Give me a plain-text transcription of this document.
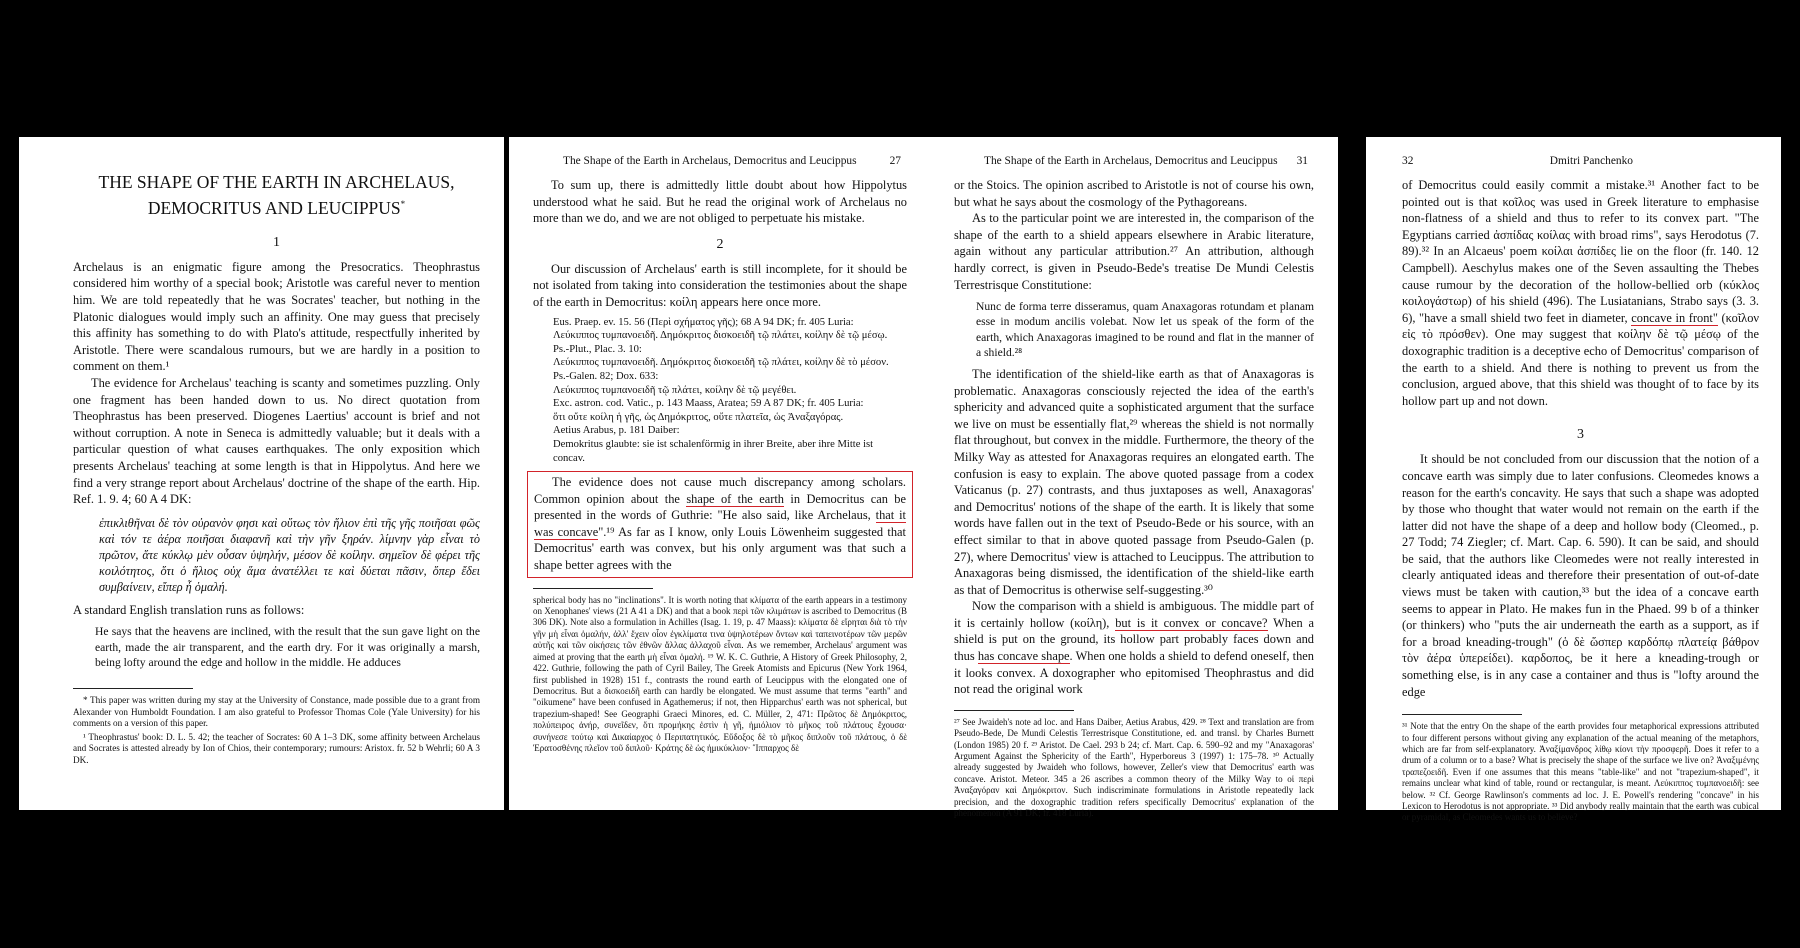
THE SHAPE OF THE EARTH IN ARCHELAUS, DEMOCRITUS AND LEUCIPPUS*
1

Archelaus is an enigmatic figure among the Presocratics. Theophrastus considered him worthy of a special book; Aristotle was careful never to mention him. We are told repeatedly that he was Socrates' teacher, but nothing in the Platonic dialogues would imply such an affinity. One may guess that precisely this affinity has something to do with Plato's attitude, respectfully inherited by Aristotle. There were scandalous rumours, but we are hardly in a position to comment on them.¹

The evidence for Archelaus' teaching is scanty and sometimes puzzling. Only one fragment has been handed down to us. No direct quotation from Theophrastus has been preserved. Diogenes Laertius' account is brief and not without corruption. A note in Seneca is admittedly valuable; but it deals with a particular question of what causes earthquakes. The only exposition which presents Archelaus' teaching at some length is that in Hippolytus. And here we find a very strange report about Archelaus' doctrine of the shape of the earth. Hip. Ref. 1. 9. 4; 60 A 4 DK:

ἐπικλιθῆναι δὲ τὸν οὐρανὸν φησι καὶ οὕτως τὸν ἥλιον ἐπὶ τῆς γῆς ποιῆσαι φῶς καὶ τόν τε ἀέρα ποιῆσαι διαφανῆ καὶ τὴν γῆν ξηράν. λίμνην γὰρ εἶναι τὸ πρῶτον, ἅτε κύκλῳ μὲν οὖσαν ὑψηλήν, μέσον δὲ κοίλην. σημεῖον δὲ φέρει τῆς κοιλότητος, ὅτι ὁ ἥλιος οὐχ ἅμα ἀνατέλλει τε καὶ δύεται πᾶσιν, ὅπερ ἔδει συμβαίνειν, εἴπερ ἦ ὁμαλή.

A standard English translation runs as follows:

He says that the heavens are inclined, with the result that the sun gave light on the earth, made the air transparent, and the earth dry. For it was originally a marsh, being lofty around the edge and hollow in the middle. He adduces
* This paper was written during my stay at the University of Constance, made possible due to a grant from Alexander von Humboldt Foundation. I am also grateful to Professor Thomas Cole (Yale University) for his comments on a version of this paper.
¹ Theophrastus' book: D. L. 5. 42; the teacher of Socrates: 60 A 1–3 DK, some affinity between Archelaus and Socrates is attested already by Ion of Chios, their contemporary; rumours: Aristox. fr. 52 b Wehrli; 60 A 3 DK.
The Shape of the Earth in Archelaus, Democritus and Leucippus	27

To sum up, there is admittedly little doubt about how Hippolytus understood what he said. But he read the original work of Archelaus no more than we do, and we are not obliged to perpetuate his mistake.

2

Our discussion of Archelaus' earth is still incomplete, for it should be not isolated from taking into consideration the testimonies about the shape of the earth in Democritus: κοίλη appears here once more.

Eus. Praep. ev. 15. 56 (Περὶ σχήματος γῆς); 68 A 94 DK; fr. 405 Luria:
Λεύκιππος τυμπανοειδῆ. Δημόκριτος δισκοειδῆ τῷ πλάτει, κοίλην δὲ τῷ μέσῳ.
Ps.-Plut., Plac. 3. 10:
Λεύκιππος τυμπανοειδῆ. Δημόκριτος δισκοειδῆ τῷ πλάτει, κοίλην δὲ τὸ μέσον.
Ps.-Galen. 82; Dox. 633:
Λεύκιππος τυμπανοειδῆ τῷ πλάτει, κοίλην δὲ τῷ μεγέθει.
Exc. astron. cod. Vatic., p. 143 Maass, Aratea; 59 A 87 DK; fr. 405 Luria:
ὅτι οὔτε κοίλη ἡ γῆς, ὡς Δημόκριτος, οὔτε πλατεῖα, ὡς Ἀναξαγόρας.
Aetius Arabus, p. 181 Daiber:
Demokritus glaubte: sie ist schalenförmig in ihrer Breite, aber ihre Mitte ist concav.

The evidence does not cause much discrepancy among scholars. Common opinion about the shape of the earth in Democritus can be presented in the words of Guthrie: "He also said, like Archelaus, that it was concave".¹⁹ As far as I know, only Louis Löwenheim suggested that Democritus' earth was convex, but his only argument was that such a shape better agrees with the

spherical body has no "inclinations". It is worth noting that κλίματα of the earth appears in a testimony on Xenophanes' views (21 A 41 a DK) and that a book περὶ τῶν κλιμάτων is ascribed to Democritus (B 306 DK). Note also a formulation in Achilles (Isag. 1. 19, p. 47 Maass): κλίματα δὲ εἴρηται διὰ τὸ τὴν γῆν μὴ εἶναι ὁμαλήν, ἀλλ' ἔχειν οἷον ἐγκλίματα τινα ὑψηλοτέρων ὄντων καὶ ταπεινοτέρων τῶν μερῶν αὐτῆς καὶ τῶν οἰκήσεις τῶν ἐθνῶν ἄλλας ἀλλαχοῦ εἶναι. As we remember, Archelaus' argument was aimed at proving that the earth μὴ εἶναι ὁμαλή. ¹⁹ W. K. C. Guthrie, A History of Greek Philosophy, 2, 422. Guthrie, following the path of Cyril Bailey, The Greek Atomists and Epicurus (New York 1964, first published in 1928) 151 f., contrasts the round earth of Leucippus with the elongated one of Democritus. But a δισκοειδῆ earth can hardly be elongated. We must assume that terms "earth" and "oikumene" have been confused in Agathemerus; if not, then Hipparchus' earth was not spherical, but trapezium-shaped! See Geographi Graeci Minores, ed. C. Müller, 2, 471: Πρῶτος δὲ Δημόκριτος, πολύπειρος ἀνήρ, συνεῖδεν, ὅτι προμήκης ἐστὶν ἡ γῆ, ἡμιόλιον τὸ μῆκος τοῦ πλάτους ἔχουσα· συνήνεσε τούτῳ καὶ Δικαίαρχος ὁ Περιπατητικός. Εὔδοξος δὲ τὸ μῆκος διπλοῦν τοῦ πλάτους, ὁ δὲ Ἐρατοσθένης πλεῖον τοῦ διπλοῦ· Κράτης δὲ ὡς ἡμικύκλιον· Ἵππαρχος δὲ
The Shape of the Earth in Archelaus, Democritus and Leucippus 31

or the Stoics. The opinion ascribed to Aristotle is not of course his own, but what he says about the cosmology of the Pythagoreans.

As to the particular point we are interested in, the comparison of the shape of the earth to a shield appears elsewhere in Arabic literature, again without any particular attribution.²⁷ An attribution, although hardly correct, is given in Pseudo-Bede's treatise De Mundi Celestis Terrestrisque Constitutione:

Nunc de forma terre disseramus, quam Anaxagoras rotundam et planam esse in modum ancilis volebat. Now let us speak of the form of the earth, which Anaxagoras imagined to be round and flat in the manner of a shield.²⁸

The identification of the shield-like earth as that of Anaxagoras is problematic. Anaxagoras consciously rejected the idea of the earth's sphericity and advanced quite a sophisticated argument that the surface we live on must be essentially flat,²⁹ whereas the shield is not normally flat throughout, but convex in the middle. Furthermore, the theory of the Milky Way as attested for Anaxagoras requires an elongated earth. The confusion is easy to explain. The above quoted passage from a codex Vaticanus (p. 27) contrasts, and thus juxtaposes as well, Anaxagoras' and Democritus' notions of the shape of the earth. It is likely that some words have fallen out in the text of Pseudo-Bede or his source, with an effect similar to that in above quoted passage from Pseudo-Galen (p. 27), where Democritus' view is attached to Leucippus. The attribution to Anaxagoras being dismissed, the identification of the shield-like earth as that of Democritus is otherwise self-suggesting.³⁰

Now the comparison with a shield is ambiguous. The middle part of it is certainly hollow (κοίλη), but is it convex or concave? When a shield is put on the ground, its hollow part probably faces down and thus has concave shape. When one holds a shield to defend oneself, then it looks convex. A doxographer who epitomised Theophrastus and did not read the original work

²⁷ See Jwaideh's note ad loc. and Hans Daiber, Aetius Arabus, 429. ²⁸ Text and translation are from Pseudo-Bede, De Mundi Celestis Terrestrisque Constitutione, ed. and transl. by Charles Burnett (London 1985) 20 f. ²⁹ Aristot. De Cael. 293 b 24; cf. Mart. Cap. 6. 590–92 and my "Anaxagoras' Argument Against the Sphericity of the Earth", Hyperboreus 3 (1997) 1: 175–78. ³⁰ Actually already suggested by Jwaideh who follows, however, Zeller's view that Democritus' earth was concave. Aristot. Meteor. 345 a 26 ascribes a common theory of the Milky Way to οἱ περὶ Ἀναξαγόραν καὶ Δημόκριτον. Such indiscriminate formulations in Aristotle repeatedly lack precision, and the doxographic tradition refers specifically Democritus' explanation of the phenomenon (A 91 DK; fr. 418 Luria).
32	Dmitri Panchenko

of Democritus could easily commit a mistake.³¹ Another fact to be pointed out is that κοῖλος was used in Greek literature to emphasise non-flatness of a shield and thus to refer to its convex part. "The Egyptians carried ἀσπίδας κοίλας with broad rims", says Herodotus (7. 89).³² In an Alcaeus' poem κοίλαι ἀσπίδες lie on the floor (fr. 140. 12 Campbell). Aeschylus makes one of the Seven assaulting the Thebes cause rumour by the decoration of the hollow-bellied orb (κύκλος κοιλογάστωρ) of his shield (496). The Lusiatanians, Strabo says (3. 3. 6), "have a small shield two feet in diameter, concave in front" (κοῖλον εἰς τὸ πρόσθεν). One may suggest that κοίλην δὲ τῷ μέσῳ of the doxographic tradition is a deceptive echo of Democritus' comparison of the earth to a shield. And there is nothing to prevent us from the conclusion, argued above, that this shield was thought of to face by its hollow part up and not down.

3

It should be not concluded from our discussion that the notion of a concave earth was simply due to later confusions. Cleomedes knows a reason for the earth's concavity. He says that such a shape was adopted by those who thought that water would not remain on the earth if the latter did not have the shape of a deep and hollow body (Cleomed., p. 27 Todd; 74 Ziegler; cf. Mart. Cap. 6. 590). It can be said, and should be said, that the authors like Cleomedes were not really interested in clearly antiquated ideas and therefore their presentation of out-of-date views must be taken with caution,³³ but the idea of a concave earth seems to appear in Plato. He makes fun in the Phaed. 99 b of a thinker (or thinkers) who "puts the air underneath the earth as a support, as if for a broad kneading-trough" (ὁ δὲ ὥσπερ καρδόπῳ πλατείᾳ βάθρον τὸν ἀέρα ὑπερείδει). καρδοπος, be it here a kneading-trough or something else, is in any case a container and thus is "lofty around the edge

³¹ Note that the entry On the shape of the earth provides four metaphorical expressions attributed to four different persons without giving any explanation of the actual meaning of the metaphors, which are far from self-explanatory. Ἀναξίμανδρος λίθῳ κίονι τὴν προσφερῆ. Does it refer to a drum of a column or to a base? What is precisely the shape of the surface we live on? Ἀναξιμένης τραπεζοειδῆ. Even if one assumes that this means "table-like" and not "trapezium-shaped", it remains unclear what kind of table, round or rectangular, is meant. Λεύκιππος τυμπανοειδῆ: see below. ³² Cf. George Rawlinson's comments ad loc. J. E. Powell's rendering "concave" in his Lexicon to Herodotus is not appropriate. ³³ Did anybody really maintain that the earth was cubical or pyramidal, as Cleomedes wants us to believe?
